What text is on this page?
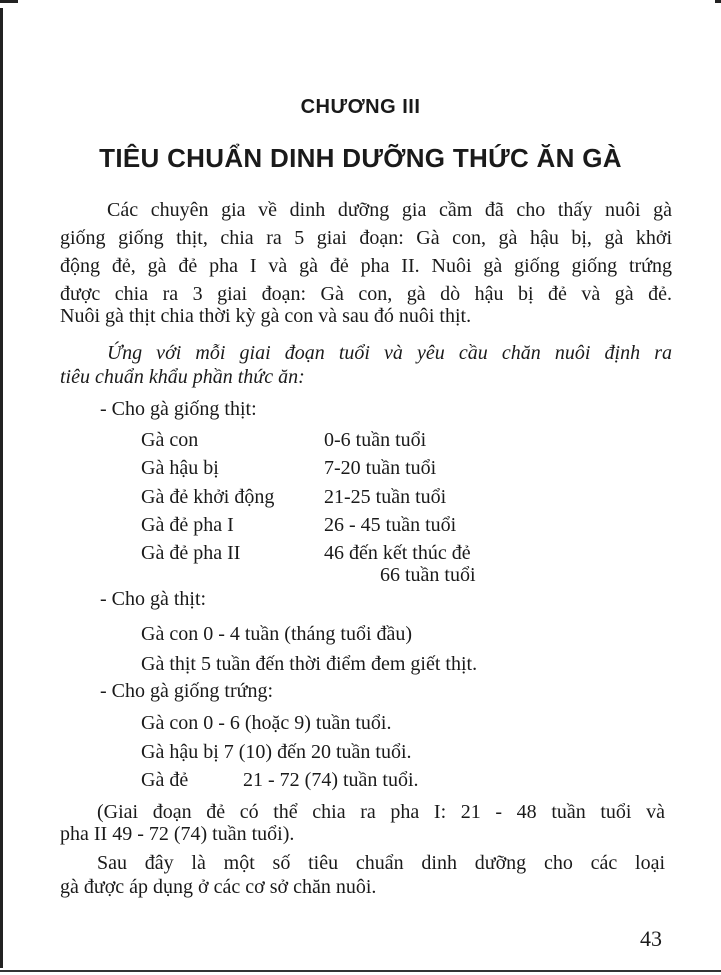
CHƯƠNG III
TIÊU CHUẨN DINH DƯỠNG THỨC ĂN GÀ
Các chuyên gia về dinh dưỡng gia cầm đã cho thấy nuôi gà
giống giống thịt, chia ra 5 giai đoạn: Gà con, gà hậu bị, gà khởi
động đẻ, gà đẻ pha I và gà đẻ pha II. Nuôi gà giống giống trứng
được chia ra 3 giai đoạn: Gà con, gà dò hậu bị đẻ và gà đẻ.
Nuôi gà thịt chia thời kỳ gà con và sau đó nuôi thịt.
Ứng với mỗi giai đoạn tuổi và yêu cầu chăn nuôi định ra
tiêu chuẩn khẩu phần thức ăn:
- Cho gà giống thịt:
Gà con	0-6 tuần tuổi
Gà hậu bị	7-20 tuần tuổi
Gà đẻ khởi động 21-25 tuần tuổi
Gà đẻ pha I	26 - 45 tuần tuổi
Gà đẻ pha II	46 đến kết thúc đẻ
66 tuần tuổi
- Cho gà thịt:
Gà con 0 - 4 tuần (tháng tuổi đầu)
Gà thịt 5 tuần đến thời điểm đem giết thịt.
- Cho gà giống trứng:
Gà con 0 - 6 (hoặc 9) tuần tuổi.
Gà hậu bị 7 (10) đến 20 tuần tuổi.
Gà đẻ	21 - 72 (74) tuần tuổi.
(Giai đoạn đẻ có thể chia ra pha I: 21 - 48 tuần tuổi và
pha II 49 - 72 (74) tuần tuổi).
Sau đây là một số tiêu chuẩn dinh dưỡng cho các loại
gà được áp dụng ở các cơ sở chăn nuôi.
43
